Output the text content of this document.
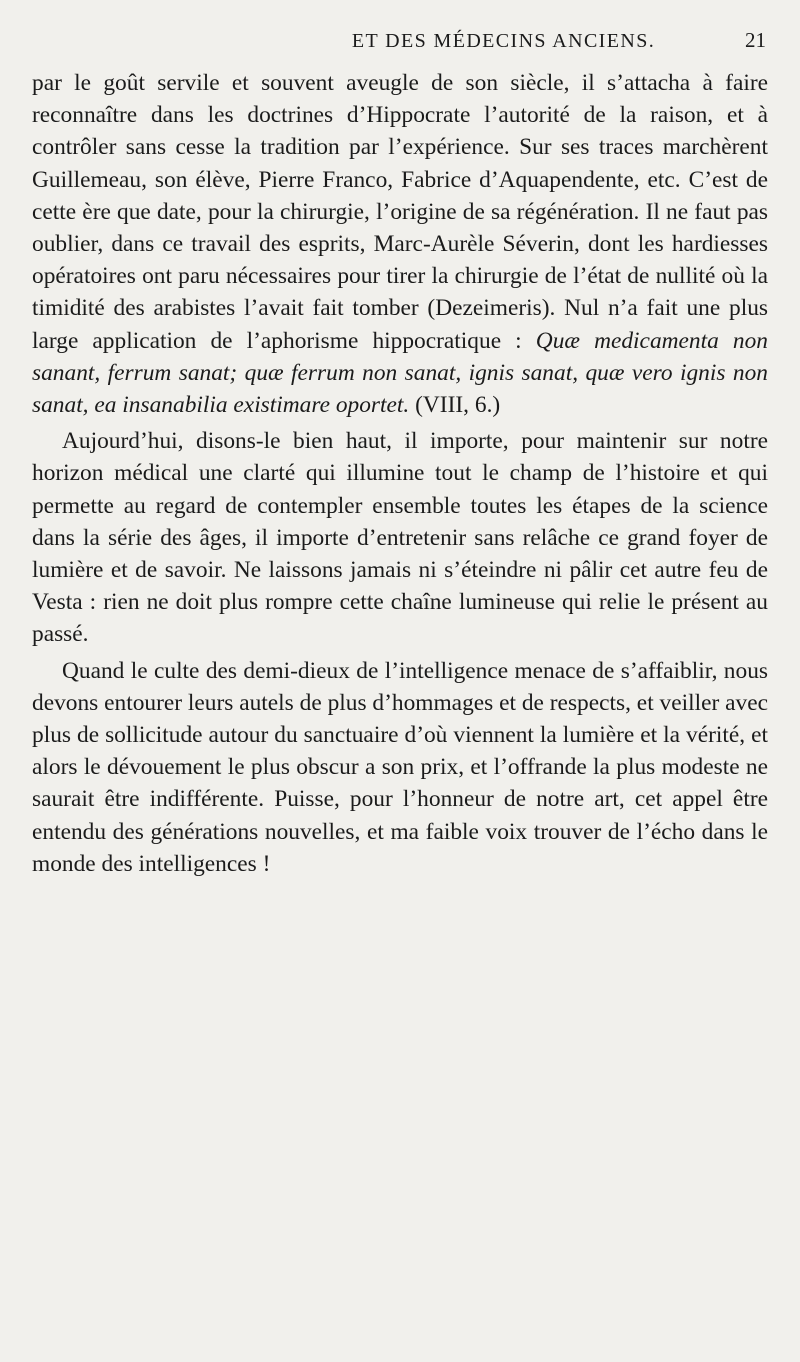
ET DES MÉDECINS ANCIENS.	21

par le goût servile et souvent aveugle de son siècle, il s’attacha à faire reconnaître dans les doctrines d’Hippocrate l’autorité de la raison, et à contrôler sans cesse la tradition par l’expérience. Sur ses traces marchèrent Guillemeau, son élève, Pierre Franco, Fabrice d’Aquapendente, etc. C’est de cette ère que date, pour la chirurgie, l’origine de sa régénération. Il ne faut pas oublier, dans ce travail des esprits, Marc-Aurèle Séverin, dont les hardiesses opératoires ont paru nécessaires pour tirer la chirurgie de l’état de nullité où la timidité des arabistes l’avait fait tomber (Dezeimeris). Nul n’a fait une plus large application de l’aphorisme hippocratique : Quæ medicamenta non sanant, ferrum sanat; quæ ferrum non sanat, ignis sanat, quæ vero ignis non sanat, ea insanabilia existimare oportet. (VIII, 6.)

Aujourd’hui, disons-le bien haut, il importe, pour maintenir sur notre horizon médical une clarté qui illumine tout le champ de l’histoire et qui permette au regard de contempler ensemble toutes les étapes de la science dans la série des âges, il importe d’entretenir sans relâche ce grand foyer de lumière et de savoir. Ne laissons jamais ni s’éteindre ni pâlir cet autre feu de Vesta : rien ne doit plus rompre cette chaîne lumineuse qui relie le présent au passé.

Quand le culte des demi-dieux de l’intelligence menace de s’affaiblir, nous devons entourer leurs autels de plus d’hommages et de respects, et veiller avec plus de sollicitude autour du sanctuaire d’où viennent la lumière et la vérité, et alors le dévouement le plus obscur a son prix, et l’offrande la plus modeste ne saurait être indifférente. Puisse, pour l’honneur de notre art, cet appel être entendu des générations nouvelles, et ma faible voix trouver de l’écho dans le monde des intelligences !
